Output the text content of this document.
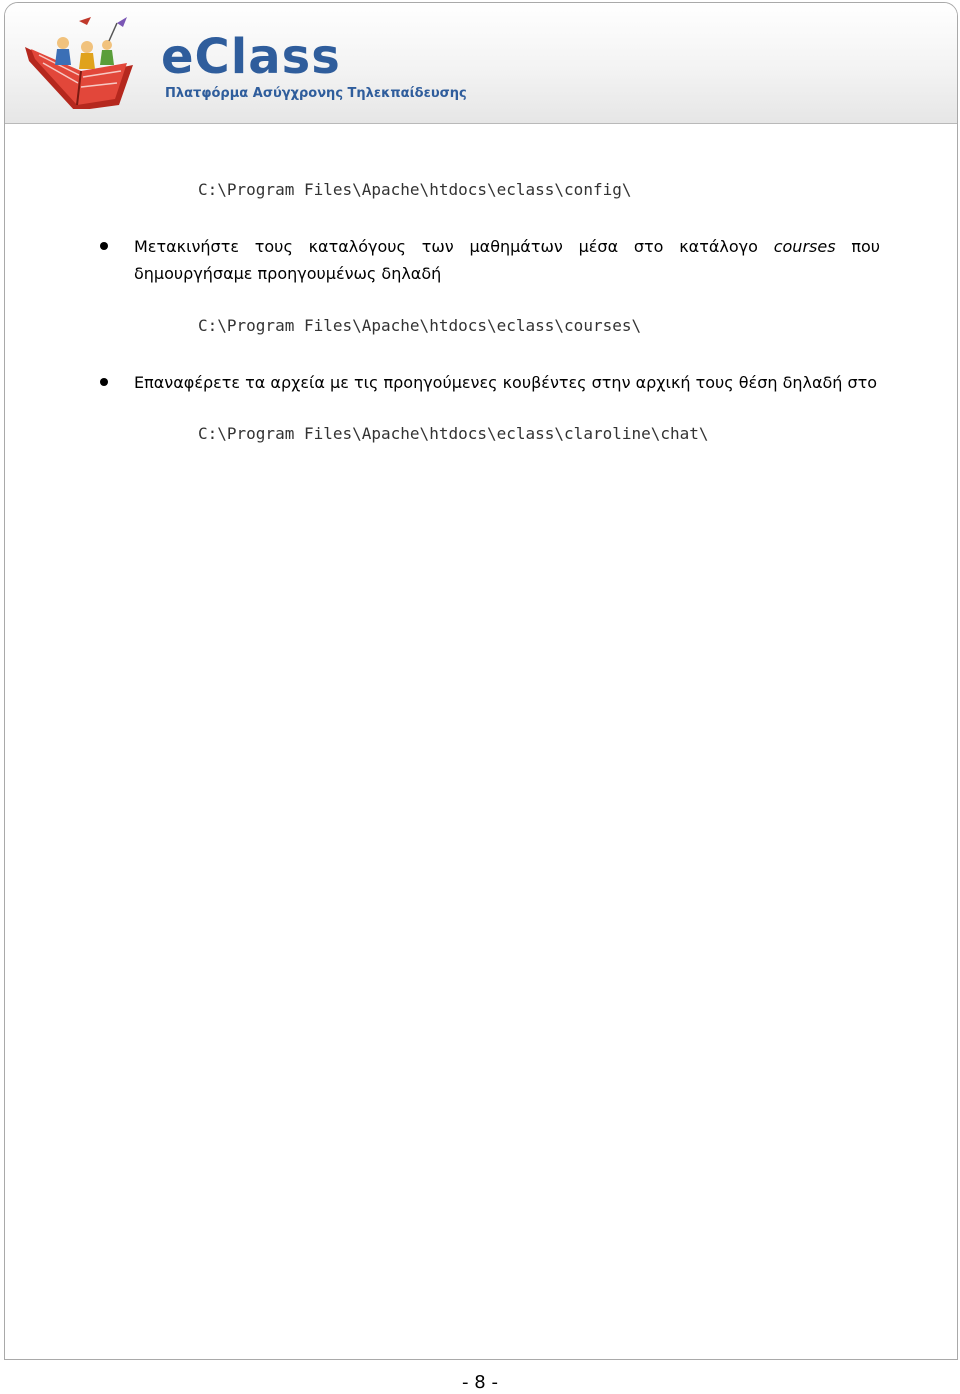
eClass
Πλατφόρμα Ασύγχρονης Τηλεκπαίδευσης
C:\Program Files\Apache\htdocs\eclass\config\
Μετακινήστε τους καταλόγους των μαθημάτων μέσα στο κατάλογο courses που δημουργήσαμε προηγουμένως δηλαδή
C:\Program Files\Apache\htdocs\eclass\courses\
Επαναφέρετε τα αρχεία με τις προηγούμενες κουβέντες στην αρχική τους θέση δηλαδή στο
C:\Program Files\Apache\htdocs\eclass\claroline\chat\
- 8 -
